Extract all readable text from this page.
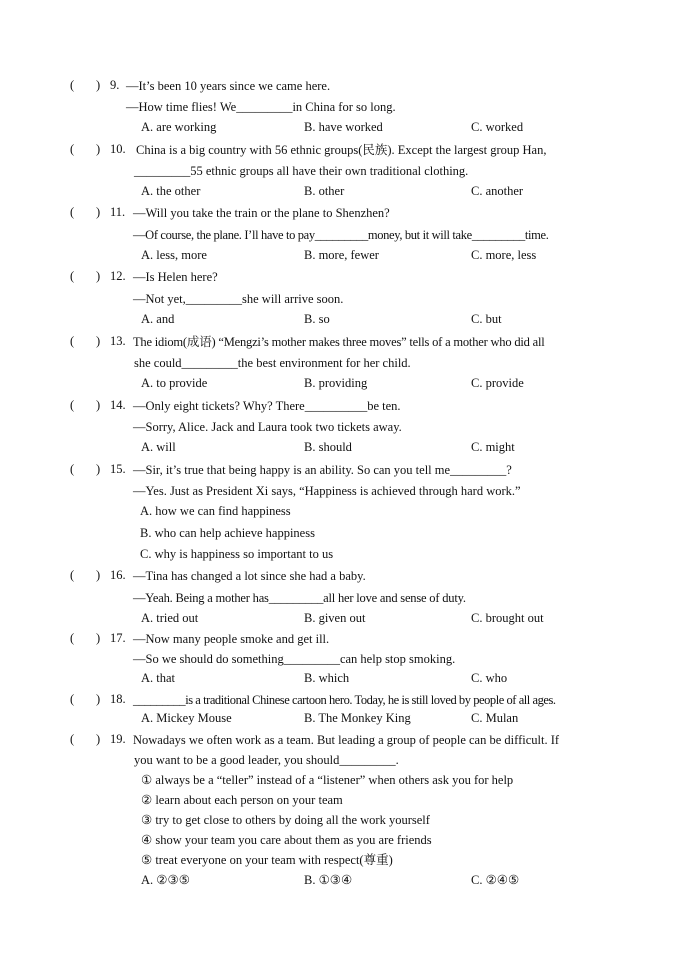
(       ) 9. —It’s been 10 years since we came here.
—How time flies! We_________in China for so long.
A. are working	B. have worked	C. worked
(       ) 10. China is a big country with 56 ethnic groups(民族). Except the largest group Han,
_________55 ethnic groups all have their own traditional clothing.
A. the other	B. other	C. another
(       ) 11. —Will you take the train or the plane to Shenzhen?
—Of course, the plane. I’ll have to pay_________money, but it will take_________time.
A. less, more	B. more, fewer	C. more, less
(       ) 12. —Is Helen here?
—Not yet,_________she will arrive soon.
A. and	B. so	C. but
(       ) 13. The idiom(成语) “Mengzi’s mother makes three moves” tells of a mother who did all
she could_________the best environment for her child.
A. to provide	B. providing	C. provide
(       ) 14. —Only eight tickets? Why? There__________be ten.
—Sorry, Alice. Jack and Laura took two tickets away.
A. will	B. should	C. might
(       ) 15. —Sir, it’s true that being happy is an ability. So can you tell me_________?
—Yes. Just as President Xi says, “Happiness is achieved through hard work.”
A. how we can find happiness
B. who can help achieve happiness
C. why is happiness so important to us
(       ) 16. —Tina has changed a lot since she had a baby.
—Yeah. Being a mother has_________all her love and sense of duty.
A. tried out	B. given out	C. brought out
(       ) 17. —Now many people smoke and get ill.
—So we should do something_________can help stop smoking.
A. that	B. which	C. who
(       ) 18. _________is a traditional Chinese cartoon hero. Today, he is still loved by people of all ages.
A. Mickey Mouse	B. The Monkey King	C. Mulan
(       ) 19. Nowadays we often work as a team. But leading a group of people can be difficult. If
you want to be a good leader, you should_________.
① always be a “teller” instead of a “listener” when others ask you for help
② learn about each person on your team
③ try to get close to others by doing all the work yourself
④ show your team you care about them as you are friends
⑤ treat everyone on your team with respect(尊重)
A. ②③⑤	B. ①③④	C. ②④⑤
